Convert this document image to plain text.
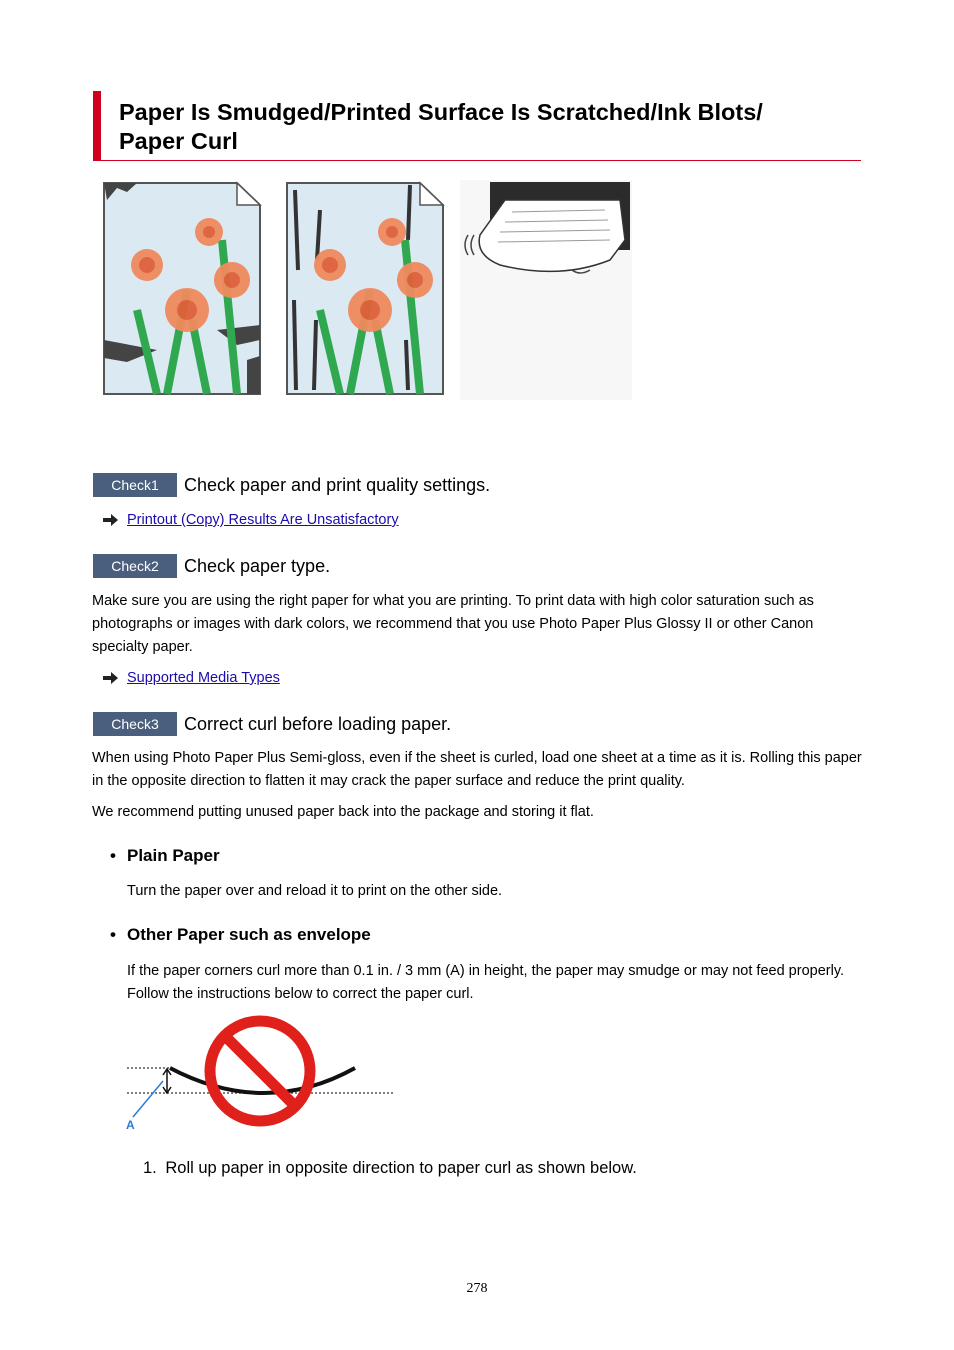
Paper Is Smudged/Printed Surface Is Scratched/Ink Blots/
Paper Curl
Check1	Check paper and print quality settings.
Printout (Copy) Results Are Unsatisfactory
Check2	Check paper type.

Make sure you are using the right paper for what you are printing. To print data with high color saturation such as photographs or images with dark colors, we recommend that you use Photo Paper Plus Glossy II or other Canon specialty paper.

Supported Media Types
Check3	Correct curl before loading paper.

When using Photo Paper Plus Semi-gloss, even if the sheet is curled, load one sheet at a time as it is. Rolling this paper in the opposite direction to flatten it may crack the paper surface and reduce the print quality.

We recommend putting unused paper back into the package and storing it flat.

• Plain Paper

Turn the paper over and reload it to print on the other side.

• Other Paper such as envelope

If the paper corners curl more than 0.1 in. / 3 mm (A) in height, the paper may smudge or may not feed properly. Follow the instructions below to correct the paper curl.

A
1. Roll up paper in opposite direction to paper curl as shown below.
278
